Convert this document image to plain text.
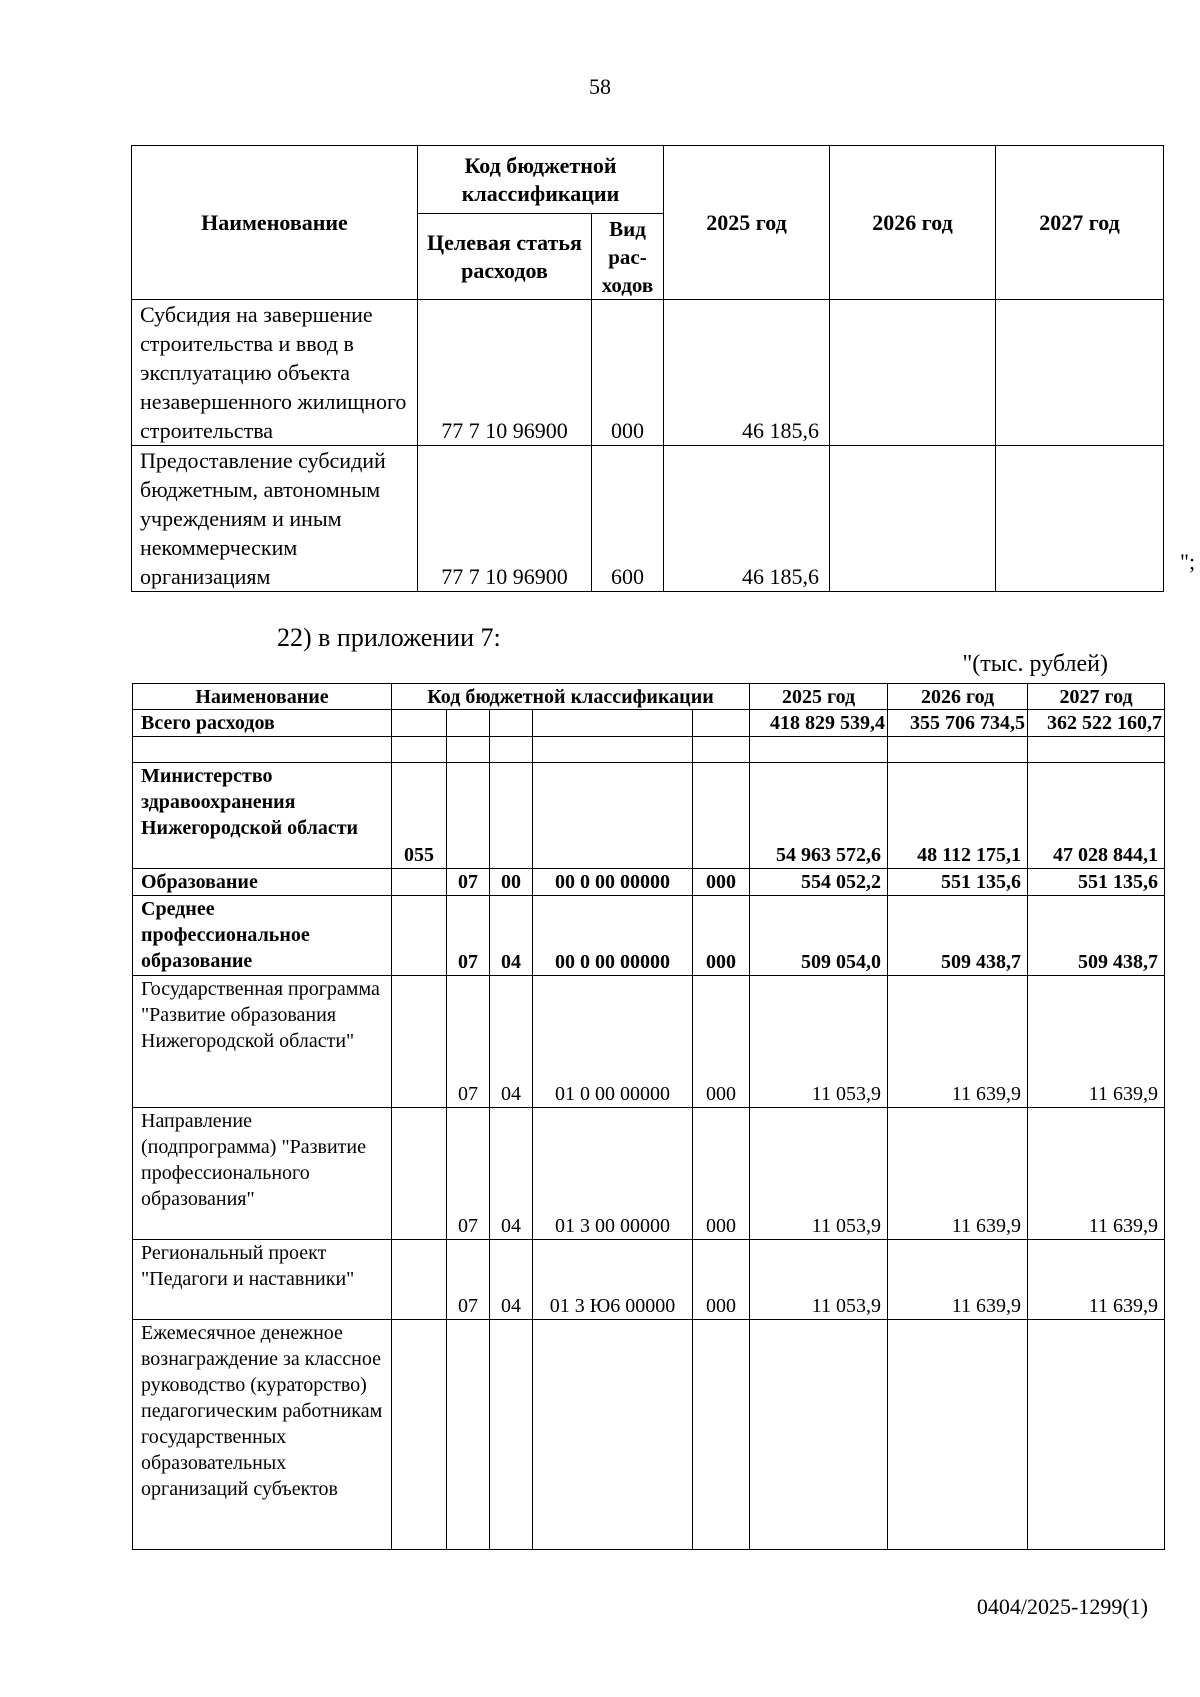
58
Наименование	Код бюджетной классификации		2025 год	2026 год	2027 год
	Целевая статья расходов	Вид рас-ходов			
Субсидия на завершение строительства и ввод в эксплуатацию объекта незавершенного жилищного строительства	77 7 10 96900	000	46 185,6		
Предоставление субсидий бюджетным, автономным учреждениям и иным некоммерческим организациям	77 7 10 96900	600	46 185,6		
";
22) в приложении 7:
"(тыс. рублей)
Наименование	Код бюджетной классификации					2025 год	2026 год	2027 год
Всего расходов						418 829 539,4	355 706 734,5	362 522 160,7

Министерство здравоохранения Нижегородской области	055					54 963 572,6	48 112 175,1	47 028 844,1
Образование		07	00	00 0 00 00000	000	554 052,2	551 135,6	551 135,6
Среднее профессиональное образование		07	04	00 0 00 00000	000	509 054,0	509 438,7	509 438,7
Государственная программа "Развитие образования Нижегородской области"		07	04	01 0 00 00000	000	11 053,9	11 639,9	11 639,9
Направление (подпрограмма) "Развитие профессионального образования"		07	04	01 3 00 00000	000	11 053,9	11 639,9	11 639,9
Региональный проект "Педагоги и наставники"		07	04	01 3 Ю6 00000	000	11 053,9	11 639,9	11 639,9
Ежемесячное денежное вознаграждение за классное руководство (кураторство) педагогическим работникам государственных образовательных организаций субъектов								
0404/2025-1299(1)
